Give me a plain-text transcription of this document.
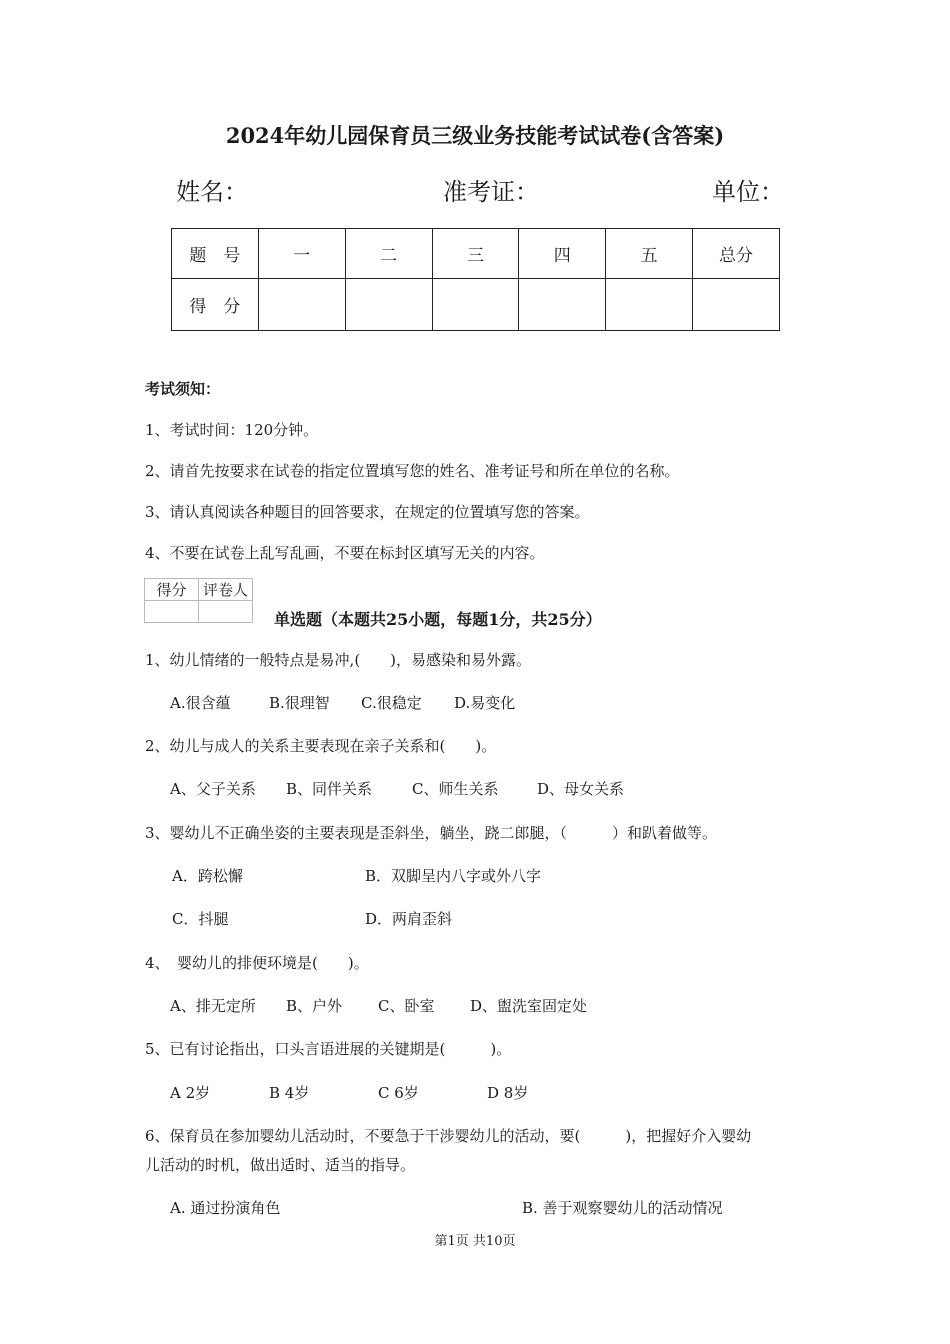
2024年幼儿园保育员三级业务技能考试试卷(含答案)
姓名：	准考证：	单位：
题　号	一	二	三	四	五	总分
得　分						
考试须知：
1、考试时间：120分钟。
2、请首先按要求在试卷的指定位置填写您的姓名、准考证号和所在单位的名称。
3、请认真阅读各种题目的回答要求，在规定的位置填写您的答案。
4、不要在试卷上乱写乱画，不要在标封区填写无关的内容。
得分	评卷人

单选题（本题共25小题，每题1分，共25分）
1、幼儿情绪的一般特点是易冲,(　　)，易感染和易外露。
A.很含蕴	B.很理智 C.很稳定 D.易变化
2、幼儿与成人的关系主要表现在亲子关系和(　　)。
A、父子关系 B、同伴关系	C、师生关系	D、母女关系
3、婴幼儿不正确坐姿的主要表现是歪斜坐，躺坐，跷二郎腿，（　　　）和趴着做等。
A．跨松懈	B．双脚呈内八字或外八字
C．抖腿	D．两肩歪斜
4、　婴幼儿的排便环境是(　　)。
A、排无定所 B、户外 C、卧室 D、盥洗室固定处
5、已有讨论指出，口头言语进展的关键期是(　　　)。
A 2岁	B 4岁	C 6岁	D 8岁
6、保育员在参加婴幼儿活动时，不要急于干涉婴幼儿的活动，要(　　　)，把握好介入婴幼
儿活动的时机，做出适时、适当的指导。
A. 通过扮演角色	B. 善于观察婴幼儿的活动情况
第1页 共10页
